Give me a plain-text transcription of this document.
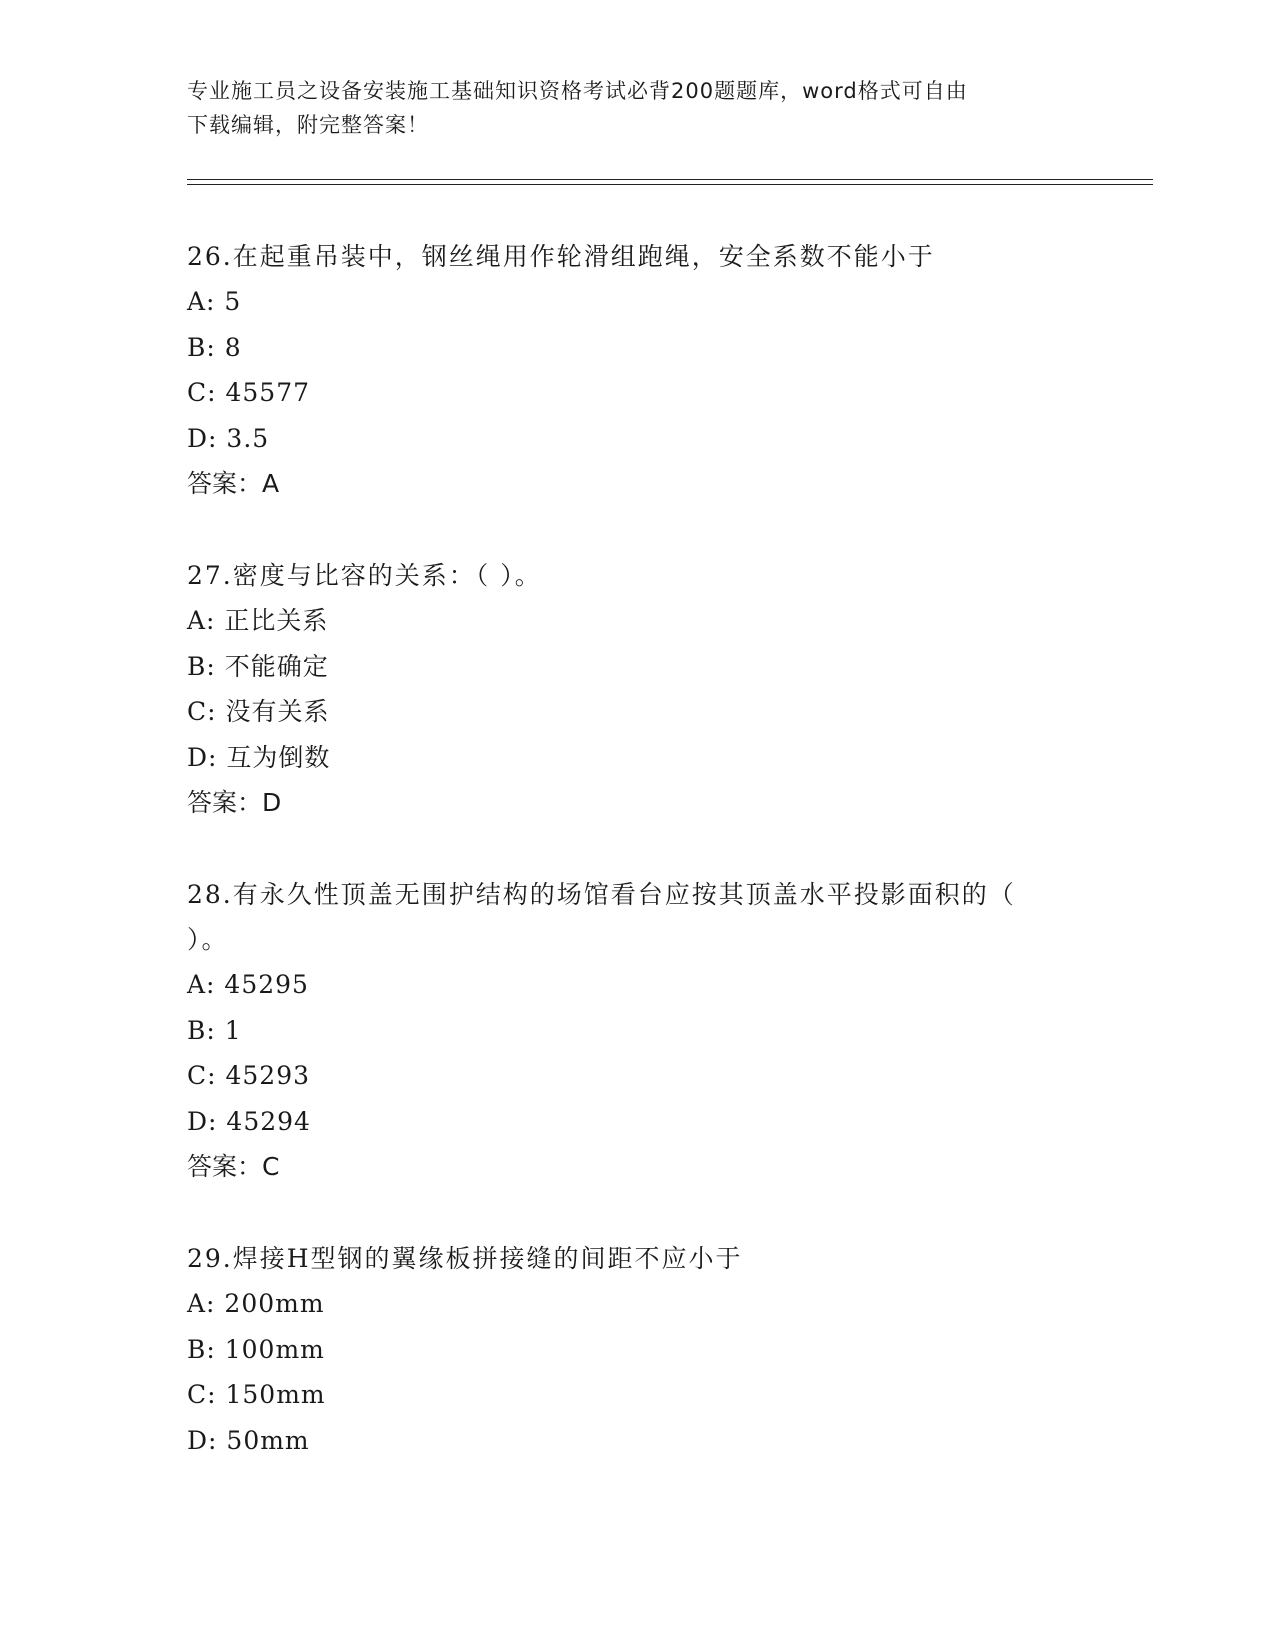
专业施工员之设备安装施工基础知识资格考试必背200题题库，word格式可自由
下载编辑，附完整答案！

26.在起重吊装中，钢丝绳用作轮滑组跑绳，安全系数不能小于

A: 5

B: 8

C: 45577

D: 3.5

答案：A

27.密度与比容的关系：（ ）。

A: 正比关系

B: 不能确定

C: 没有关系

D: 互为倒数

答案：D

28.有永久性顶盖无围护结构的场馆看台应按其顶盖水平投影面积的（

）。

A: 45295

B: 1

C: 45293

D: 45294

答案：C

29.焊接H型钢的翼缘板拼接缝的间距不应小于

A: 200mm

B: 100mm

C: 150mm

D: 50mm
